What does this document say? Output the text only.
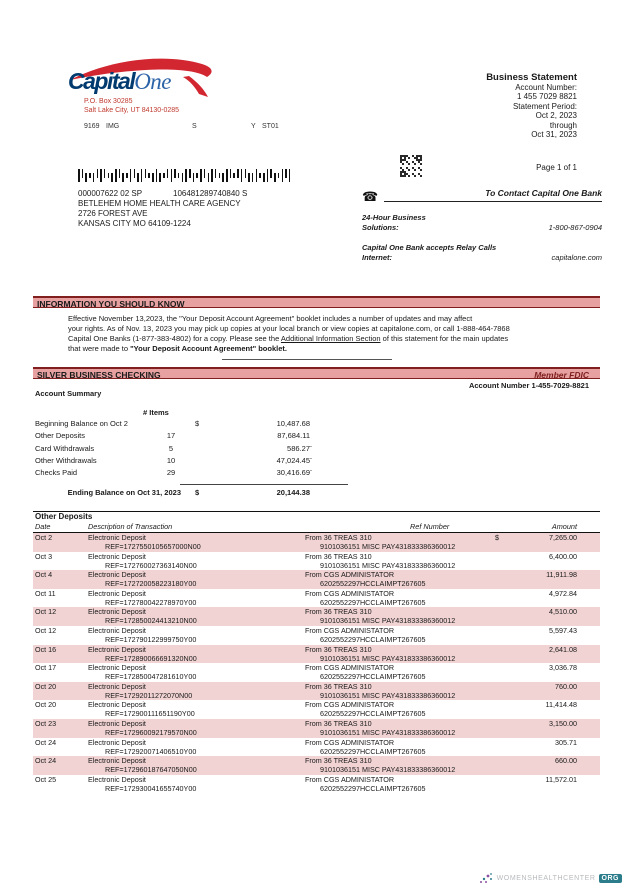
CapitalOne
P.O. Box 30285
Salt Lake City, UT 84130-0285
9169 IMG	S	Y ST01
Business Statement
Account Number:
1 455 7029 8821
Statement Period:
Oct 2, 2023
through
Oct 31, 2023
Page 1 of 1
000007622 02 SP	106481289740840 S
BETLEHEM HOME HEALTH CARE AGENCY
2726 FOREST AVE
KANSAS CITY MO 64109-1224
☎	To Contact Capital One Bank
24-Hour Business
Solutions:	1-800-867-0904
Capital One Bank accepts Relay Calls
Internet:	capitalone.com
INFORMATION YOU SHOULD KNOW
Effective November 13,2023, the "Your Deposit Account Agreement" booklet includes a number of updates and may affect
your rights. As of Nov. 13, 2023 you may pick up copies at your local branch or view copies at capitalone.com, or call 1-888-464-7868
Capital One Banks (1-877-383-4802) for a copy. Please see the Additional Information Section of this statement for the main updates
that were made to "Your Deposit Account Agreement" booklet.
SILVER BUSINESS CHECKING	Member FDIC
Account Number 1-455-7029-8821
Account Summary
# Items
Beginning Balance on Oct 2	$	10,487.68
Other Deposits	17	87,684.11
Card Withdrawals	5	586.27-
Other Withdrawals	10	47,024.45-
Checks Paid	29	30,416.69-
Ending Balance on Oct 31, 2023	$	20,144.38
Other Deposits
Date	Description of Transaction	Ref Number	Amount
Oct 2	Electronic Deposit	From 36 TREAS 310	$	7,265.00
REF=1727550105657000N00	9101036151 MISC PAY431833386360012
Oct 3	Electronic Deposit	From 36 TREAS 310	6,400.00
REF=172760027363140N00	9101036151 MISC PAY431833386360012
Oct 4	Electronic Deposit	From CGS ADMINISTATOR	11,911.98
REF=172720058223180Y00	6202552297HCCLAIMPT267605
Oct 11	Electronic Deposit	From CGS ADMINISTATOR	4,972.84
REF=172780042278970Y00	6202552297HCCLAIMPT267605
Oct 12	Electronic Deposit	From 36 TREAS 310	4,510.00
REF=172850024413210N00	9101036151 MISC PAY431833386360012
Oct 12	Electronic Deposit	From CGS ADMINISTATOR	5,597.43
REF=172790122999750Y00	6202552297HCCLAIMPT267605
Oct 16	Electronic Deposit	From 36 TREAS 310	2,641.08
REF=172890066691320N00	9101036151 MISC PAY431833386360012
Oct 17	Electronic Deposit	From CGS ADMINISTATOR	3,036.78
REF=172850047281610Y00	6202552297HCCLAIMPT267605
Oct 20	Electronic Deposit	From 36 TREAS 310	760.00
REF=17292011272070N00	9101036151 MISC PAY431833386360012
Oct 20	Electronic Deposit	From CGS ADMINISTATOR	11,414.48
REF=172900111651190Y00	6202552297HCCLAIMPT267605
Oct 23	Electronic Deposit	From 36 TREAS 310	3,150.00
REF=172960092179570N00	9101036151 MISC PAY431833386360012
Oct 24	Electronic Deposit	From CGS ADMINISTATOR	305.71
REF=172920071406510Y00	6202552297HCCLAIMPT267605
Oct 24	Electronic Deposit	From 36 TREAS 310	660.00
REF=172960187647050N00	9101036151 MISC PAY431833386360012
Oct 25	Electronic Deposit	From CGS ADMINISTATOR	11,572.01
REF=172930041655740Y00	6202552297HCCLAIMPT267605
WOMENSHEALTHCENTER ORG
